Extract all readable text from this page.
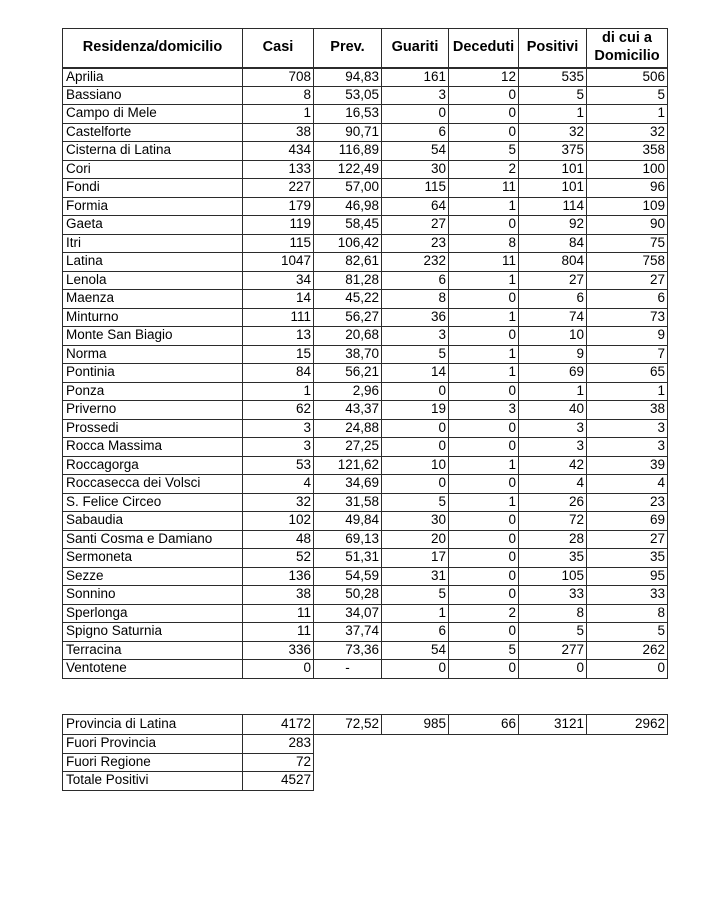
Residenza/domicilio	Casi	Prev.	Guariti	Deceduti	Positivi	di cui a Domicilio
Aprilia	708	94,83	161	12	535	506
Bassiano	8	53,05	3	0	5	5
Campo di Mele	1	16,53	0	0	1	1
Castelforte	38	90,71	6	0	32	32
Cisterna di Latina	434	116,89	54	5	375	358
Cori	133	122,49	30	2	101	100
Fondi	227	57,00	115	11	101	96
Formia	179	46,98	64	1	114	109
Gaeta	119	58,45	27	0	92	90
Itri	115	106,42	23	8	84	75
Latina	1047	82,61	232	11	804	758
Lenola	34	81,28	6	1	27	27
Maenza	14	45,22	8	0	6	6
Minturno	111	56,27	36	1	74	73
Monte San Biagio	13	20,68	3	0	10	9
Norma	15	38,70	5	1	9	7
Pontinia	84	56,21	14	1	69	65
Ponza	1	2,96	0	0	1	1
Priverno	62	43,37	19	3	40	38
Prossedi	3	24,88	0	0	3	3
Rocca Massima	3	27,25	0	0	3	3
Roccagorga	53	121,62	10	1	42	39
Roccasecca dei Volsci	4	34,69	0	0	4	4
S. Felice Circeo	32	31,58	5	1	26	23
Sabaudia	102	49,84	30	0	72	69
Santi Cosma e Damiano	48	69,13	20	0	28	27
Sermoneta	52	51,31	17	0	35	35
Sezze	136	54,59	31	0	105	95
Sonnino	38	50,28	5	0	33	33
Sperlonga	11	34,07	1	2	8	8
Spigno Saturnia	11	37,74	6	0	5	5
Terracina	336	73,36	54	5	277	262
Ventotene	0	-	0	0	0	0
Provincia di Latina	4172	72,52	985	66	3121	2962
Fuori Provincia	283					
Fuori Regione	72					
Totale Positivi	4527					
